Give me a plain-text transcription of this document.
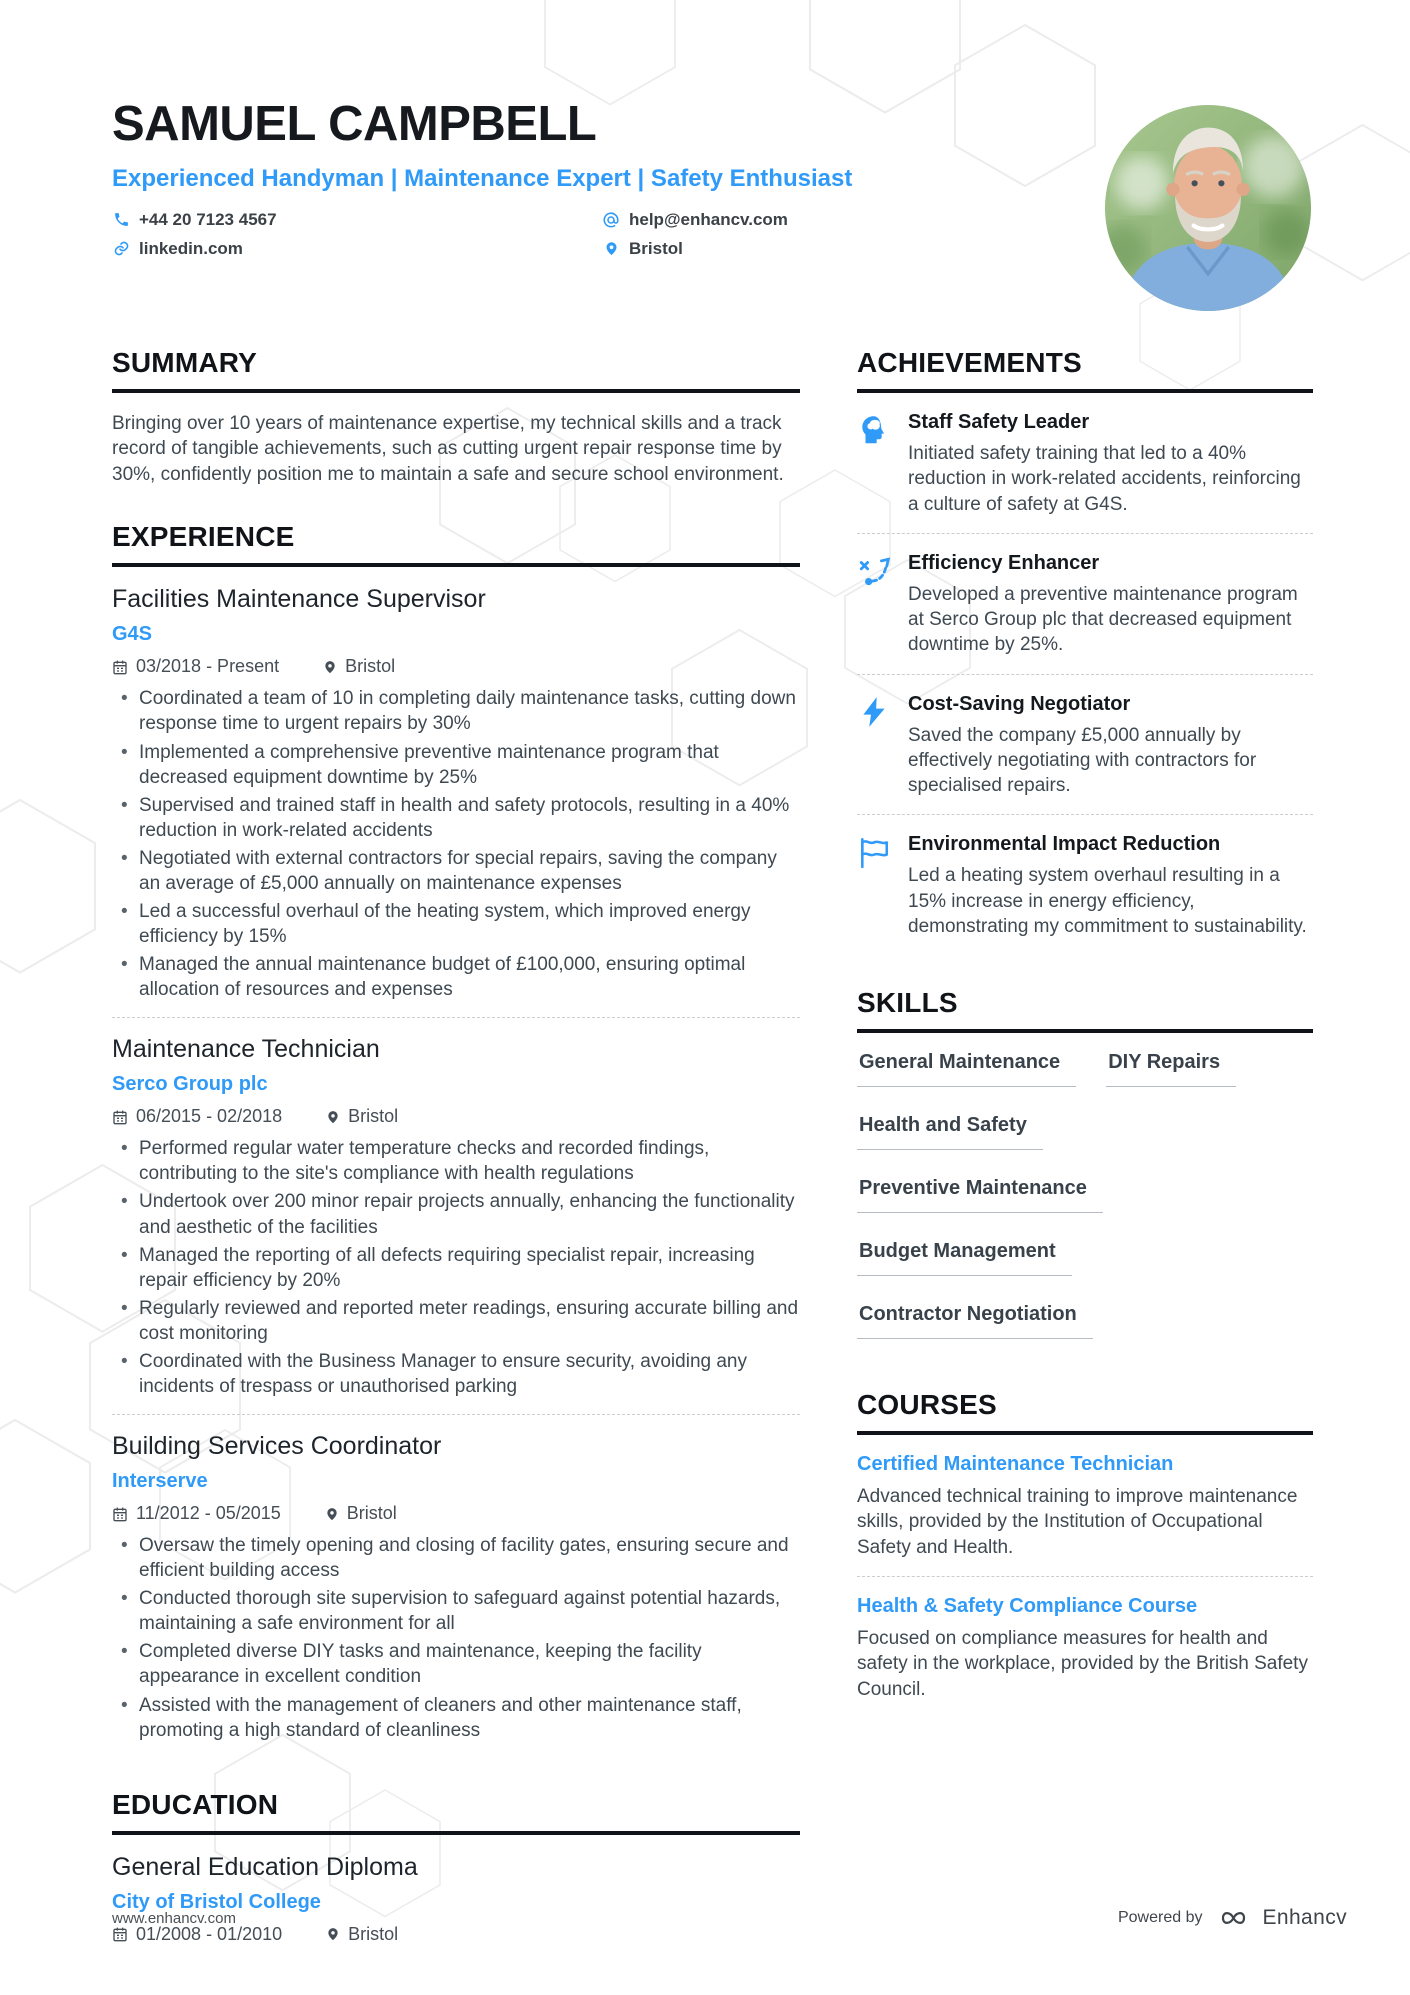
SAMUEL CAMPBELL
Experienced Handyman | Maintenance Expert | Safety Enthusiast
+44 20 7123 4567	help@enhancv.com
linkedin.com	Bristol
SUMMARY

Bringing over 10 years of maintenance expertise, my technical skills and a track record of tangible achievements, such as cutting urgent repair response time by 30%, confidently position me to maintain a safe and secure school environment.

EXPERIENCE
Facilities Maintenance Supervisor
G4S
03/2018 - Present	Bristol
• Coordinated a team of 10 in completing daily maintenance tasks, cutting down response time to urgent repairs by 30%
• Implemented a comprehensive preventive maintenance program that decreased equipment downtime by 25%
• Supervised and trained staff in health and safety protocols, resulting in a 40% reduction in work-related accidents
• Negotiated with external contractors for special repairs, saving the company an average of £5,000 annually on maintenance expenses
• Led a successful overhaul of the heating system, which improved energy efficiency by 15%
• Managed the annual maintenance budget of £100,000, ensuring optimal allocation of resources and expenses
Maintenance Technician
Serco Group plc
06/2015 - 02/2018	Bristol
• Performed regular water temperature checks and recorded findings, contributing to the site's compliance with health regulations
• Undertook over 200 minor repair projects annually, enhancing the functionality and aesthetic of the facilities
• Managed the reporting of all defects requiring specialist repair, increasing repair efficiency by 20%
• Regularly reviewed and reported meter readings, ensuring accurate billing and cost monitoring
• Coordinated with the Business Manager to ensure security, avoiding any incidents of trespass or unauthorised parking
Building Services Coordinator
Interserve
11/2012 - 05/2015	Bristol
• Oversaw the timely opening and closing of facility gates, ensuring secure and efficient building access
• Conducted thorough site supervision to safeguard against potential hazards, maintaining a safe environment for all
• Completed diverse DIY tasks and maintenance, keeping the facility appearance in excellent condition
• Assisted with the management of cleaners and other maintenance staff, promoting a high standard of cleanliness
EDUCATION
General Education Diploma
City of Bristol College
01/2008 - 01/2010	Bristol
ACHIEVEMENTS
Staff Safety Leader
Initiated safety training that led to a 40% reduction in work-related accidents, reinforcing a culture of safety at G4S.
Efficiency Enhancer
Developed a preventive maintenance program at Serco Group plc that decreased equipment downtime by 25%.
Cost-Saving Negotiator
Saved the company £5,000 annually by effectively negotiating with contractors for specialised repairs.
Environmental Impact Reduction
Led a heating system overhaul resulting in a 15% increase in energy efficiency, demonstrating my commitment to sustainability.
SKILLS
General Maintenance	DIY Repairs
Health and Safety
Preventive Maintenance
Budget Management
Contractor Negotiation
COURSES
Certified Maintenance Technician
Advanced technical training to improve maintenance skills, provided by the Institution of Occupational Safety and Health.
Health & Safety Compliance Course
Focused on compliance measures for health and safety in the workplace, provided by the British Safety Council.
www.enhancv.com	Powered by	Enhancv
